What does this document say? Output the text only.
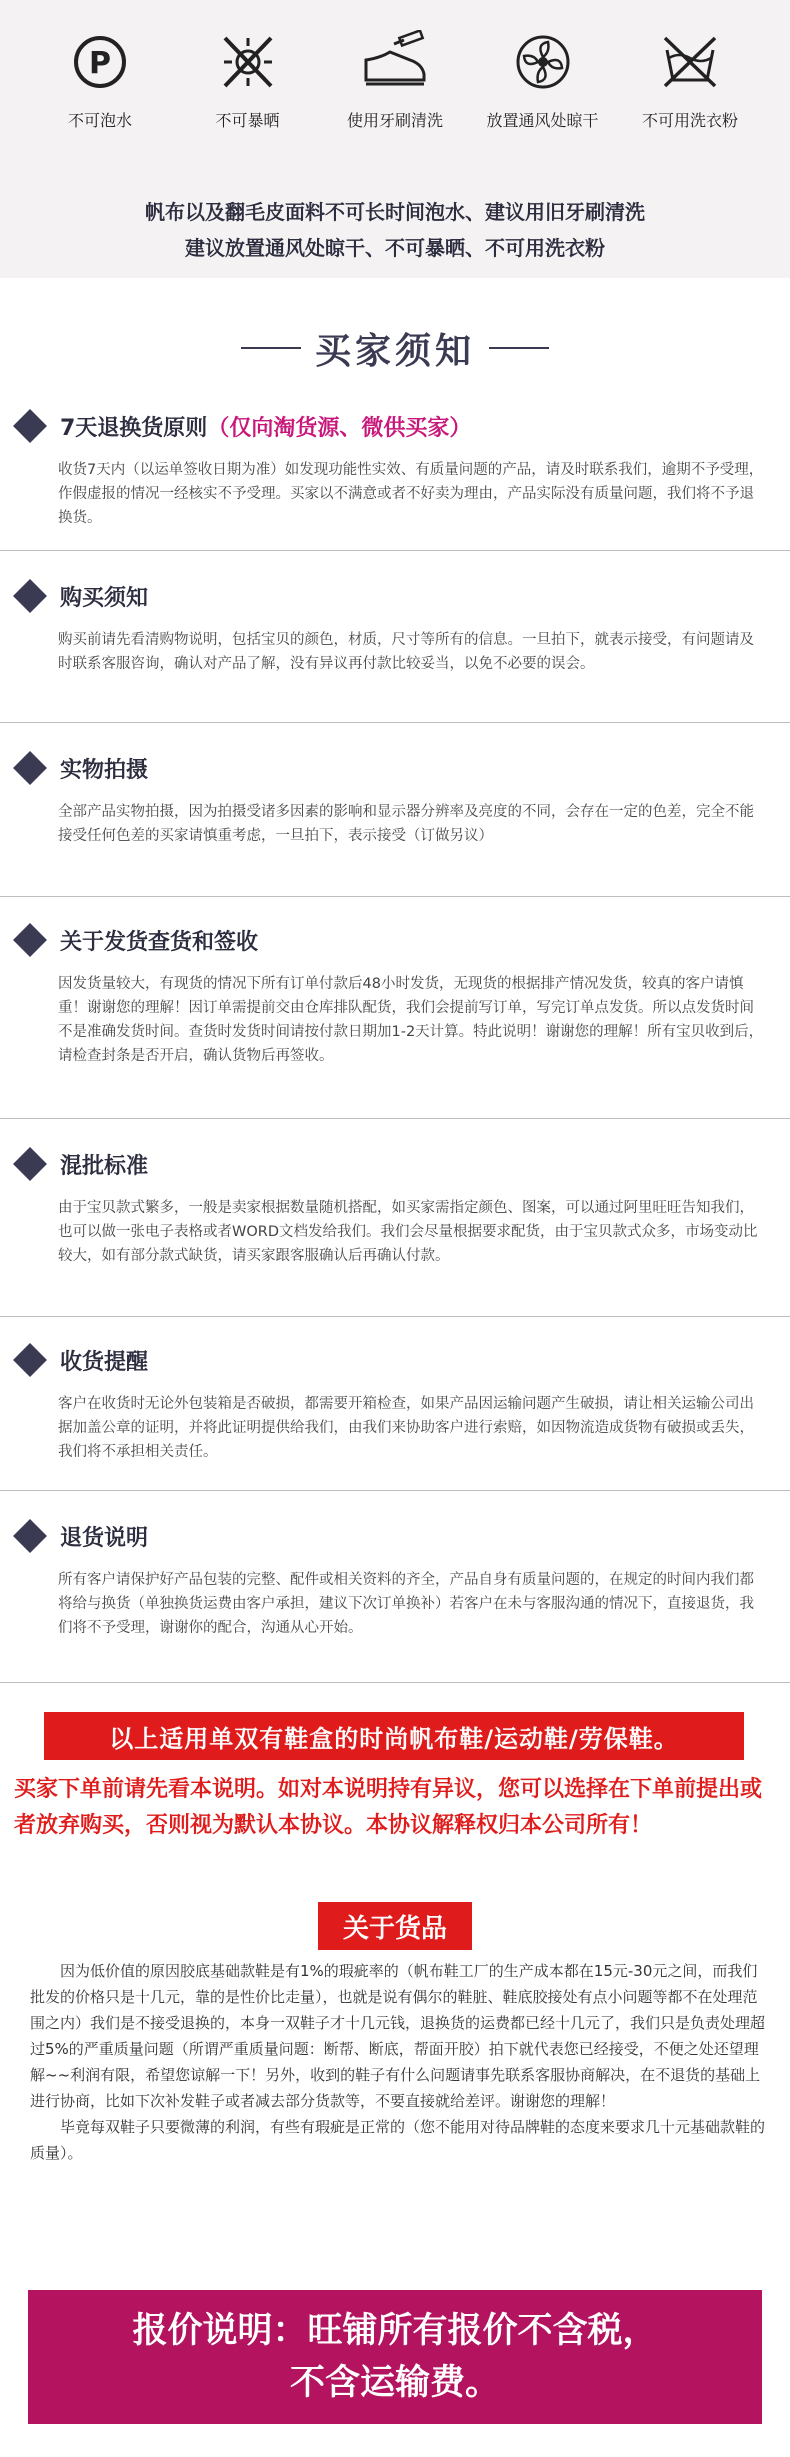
P
不可泡水	不可暴晒	使用牙刷清洗	放置通风处晾干	不可用洗衣粉
帆布以及翻毛皮面料不可长时间泡水、建议用旧牙刷清洗
建议放置通风处晾干、不可暴晒、不可用洗衣粉
买家须知
7天退换货原则（仅向淘货源、微供买家）
收货7天内（以运单签收日期为准）如发现功能性实效、有质量问题的产品，请及时联系我们，逾期不予受理，作假虚报的情况一经核实不予受理。买家以不满意或者不好卖为理由，产品实际没有质量问题，我们将不予退换货。
购买须知
购买前请先看清购物说明，包括宝贝的颜色，材质，尺寸等所有的信息。一旦拍下，就表示接受，有问题请及时联系客服咨询，确认对产品了解，没有异议再付款比较妥当，以免不必要的误会。
实物拍摄
全部产品实物拍摄，因为拍摄受诸多因素的影响和显示器分辨率及亮度的不同，会存在一定的色差，完全不能接受任何色差的买家请慎重考虑，一旦拍下，表示接受（订做另议）
关于发货查货和签收
因发货量较大，有现货的情况下所有订单付款后48小时发货，无现货的根据排产情况发货，较真的客户请慎重！谢谢您的理解！因订单需提前交由仓库排队配货，我们会提前写订单，写完订单点发货。所以点发货时间不是准确发货时间。查货时发货时间请按付款日期加1-2天计算。特此说明！谢谢您的理解！所有宝贝收到后，请检查封条是否开启，确认货物后再签收。
混批标准
由于宝贝款式繁多，一般是卖家根据数量随机搭配，如买家需指定颜色、图案，可以通过阿里旺旺告知我们，也可以做一张电子表格或者WORD文档发给我们。我们会尽量根据要求配货，由于宝贝款式众多，市场变动比较大，如有部分款式缺货，请买家跟客服确认后再确认付款。
收货提醒
客户在收货时无论外包装箱是否破损，都需要开箱检查，如果产品因运输问题产生破损，请让相关运输公司出据加盖公章的证明，并将此证明提供给我们，由我们来协助客户进行索赔，如因物流造成货物有破损或丢失，我们将不承担相关责任。
退货说明
所有客户请保护好产品包装的完整、配件或相关资料的齐全，产品自身有质量问题的，在规定的时间内我们都将给与换货（单独换货运费由客户承担，建议下次订单换补）若客户在未与客服沟通的情况下，直接退货，我们将不予受理，谢谢你的配合，沟通从心开始。
以上适用单双有鞋盒的时尚帆布鞋/运动鞋/劳保鞋。
买家下单前请先看本说明。如对本说明持有异议，您可以选择在下单前提出或者放弃购买，否则视为默认本协议。本协议解释权归本公司所有！
关于货品

因为低价值的原因胶底基础款鞋是有1%的瑕疵率的（帆布鞋工厂的生产成本都在15元-30元之间，而我们批发的价格只是十几元，靠的是性价比走量），也就是说有偶尔的鞋脏、鞋底胶接处有点小问题等都不在处理范围之内）我们是不接受退换的，本身一双鞋子才十几元钱，退换货的运费都已经十几元了，我们只是负责处理超过5%的严重质量问题（所谓严重质量问题：断帮、断底，帮面开胶）拍下就代表您已经接受，不便之处还望理解~~利润有限，希望您谅解一下！另外，收到的鞋子有什么问题请事先联系客服协商解决，在不退货的基础上进行协商，比如下次补发鞋子或者减去部分货款等，不要直接就给差评。谢谢您的理解！

毕竟每双鞋子只要微薄的利润，有些有瑕疵是正常的（您不能用对待品牌鞋的态度来要求几十元基础款鞋的质量）。

报价说明：旺铺所有报价不含税，
不含运输费。
